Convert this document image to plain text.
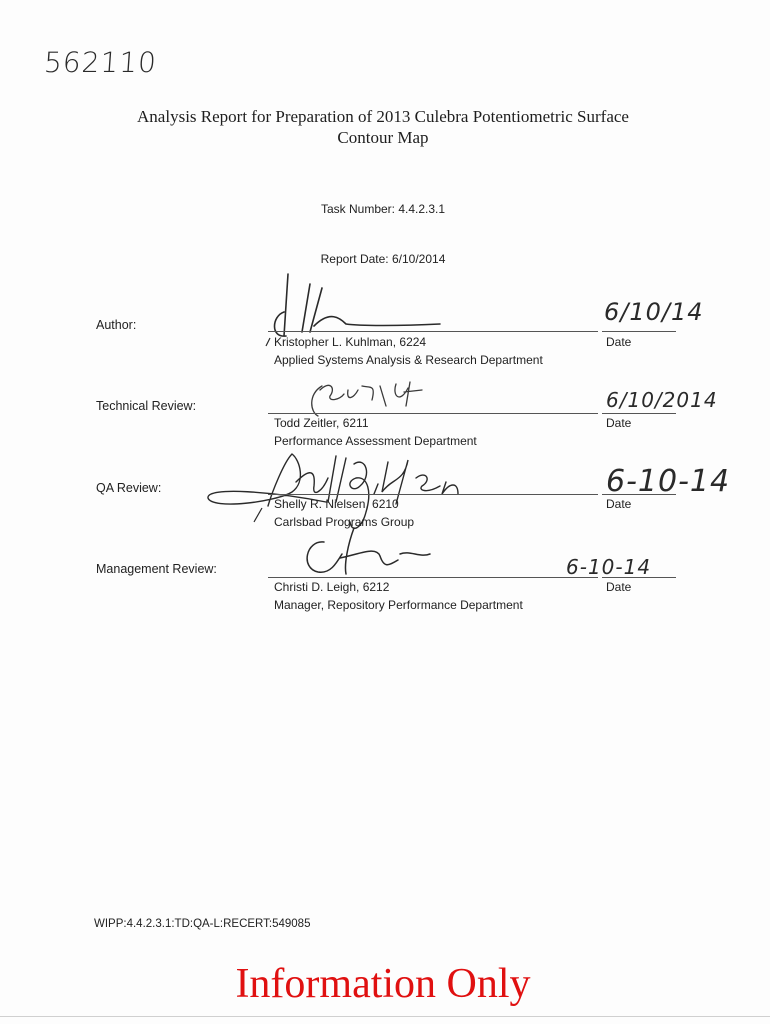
562110
Analysis Report for Preparation of 2013 Culebra Potentiometric Surface
Contour Map
Task Number: 4.4.2.3.1
Report Date: 6/10/2014
Author:	6/10/14
Kristopher L. Kuhlman, 6224
Applied Systems Analysis & Research Department
Date
Technical Review:	6/10/2014
Todd Zeitler, 6211
Performance Assessment Department
Date
QA Review:	6-10-14
Shelly R. Nielsen, 6210
Carlsbad Programs Group
Date
Management Review:	6-10-14
Christi D. Leigh, 6212
Manager, Repository Performance Department
Date
WIPP:4.4.2.3.1:TD:QA-L:RECERT:549085
Information Only
